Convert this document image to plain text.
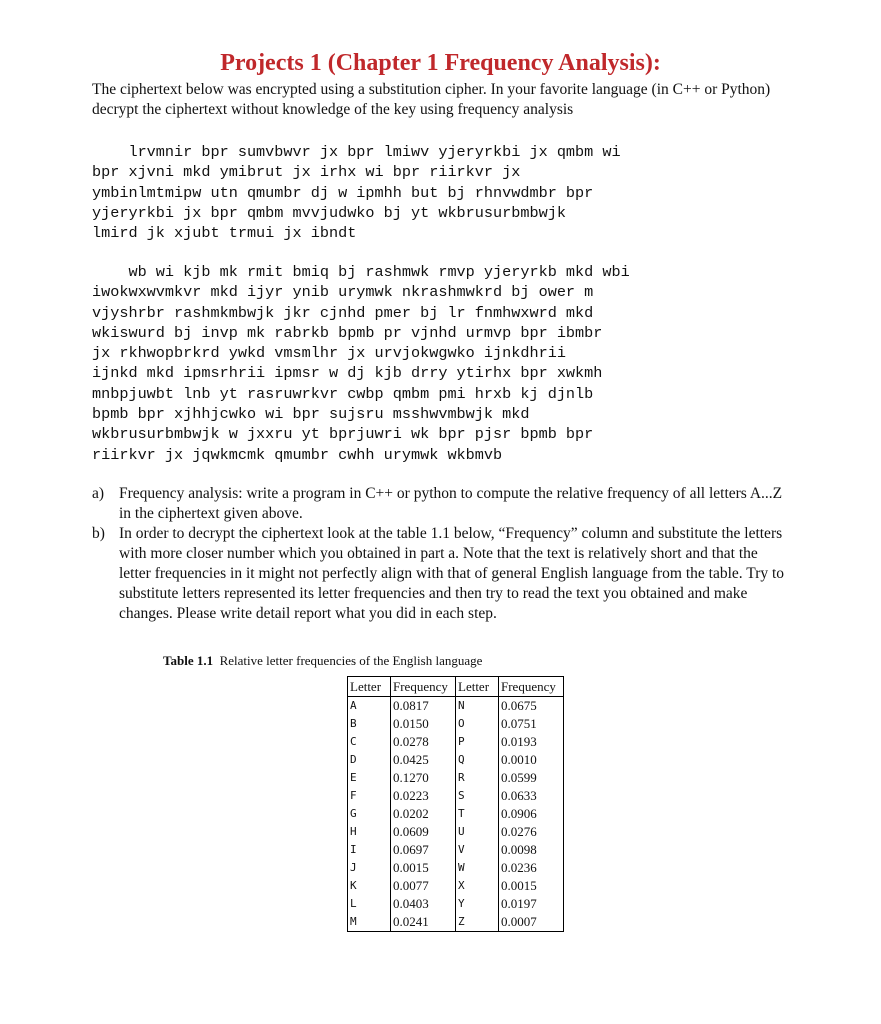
Projects 1 (Chapter 1 Frequency Analysis):

The ciphertext below was encrypted using a substitution cipher. In your favorite language (in C++ or Python) decrypt the ciphertext without knowledge of the key using frequency analysis

lrvmnir bpr sumvbwvr jx bpr lmiwv yjeryrkbi jx qmbm wi
bpr xjvni mkd ymibrut jx irhx wi bpr riirkvr jx
ymbinlmtmipw utn qmumbr dj w ipmhh but bj rhnvwdmbr bpr
yjeryrkbi jx bpr qmbm mvvjudwko bj yt wkbrusurbmbwjk
lmird jk xjubt trmui jx ibndt
wb wi kjb mk rmit bmiq bj rashmwk rmvp yjeryrkb mkd wbi
iwokwxwvmkvr mkd ijyr ynib urymwk nkrashmwkrd bj ower m
vjyshrbr rashmkmbwjk jkr cjnhd pmer bj lr fnmhwxwrd mkd
wkiswurd bj invp mk rabrkb bpmb pr vjnhd urmvp bpr ibmbr
jx rkhwopbrkrd ywkd vmsmlhr jx urvjokwgwko ijnkdhrii
ijnkd mkd ipmsrhrii ipmsr w dj kjb drry ytirhx bpr xwkmh
mnbpjuwbt lnb yt rasruwrkvr cwbp qmbm pmi hrxb kj djnlb
bpmb bpr xjhhjcwko wi bpr sujsru msshwvmbwjk mkd
wkbrusurbmbwjk w jxxru yt bprjuwri wk bpr pjsr bpmb bpr
riirkvr jx jqwkmcmk qmumbr cwhh urymwk wkbmvb
a) Frequency analysis: write a program in C++ or python to compute the relative frequency of all letters A...Z in the ciphertext given above.
b) In order to decrypt the ciphertext look at the table 1.1 below, “Frequency” column and substitute the letters with more closer number which you obtained in part a. Note that the text is relatively short and that the letter frequencies in it might not perfectly align with that of general English language from the table. Try to substitute letters represented its letter frequencies and then try to read the text you obtained and make changes. Please write detail report what you did in each step.

Table 1.1 Relative letter frequencies of the English language

Letter	Frequency	Letter	Frequency
A	0.0817	N	0.0675
B	0.0150	O	0.0751
C	0.0278	P	0.0193
D	0.0425	Q	0.0010
E	0.1270	R	0.0599
F	0.0223	S	0.0633
G	0.0202	T	0.0906
H	0.0609	U	0.0276
I	0.0697	V	0.0098
J	0.0015	W	0.0236
K	0.0077	X	0.0015
L	0.0403	Y	0.0197
M	0.0241	Z	0.0007
